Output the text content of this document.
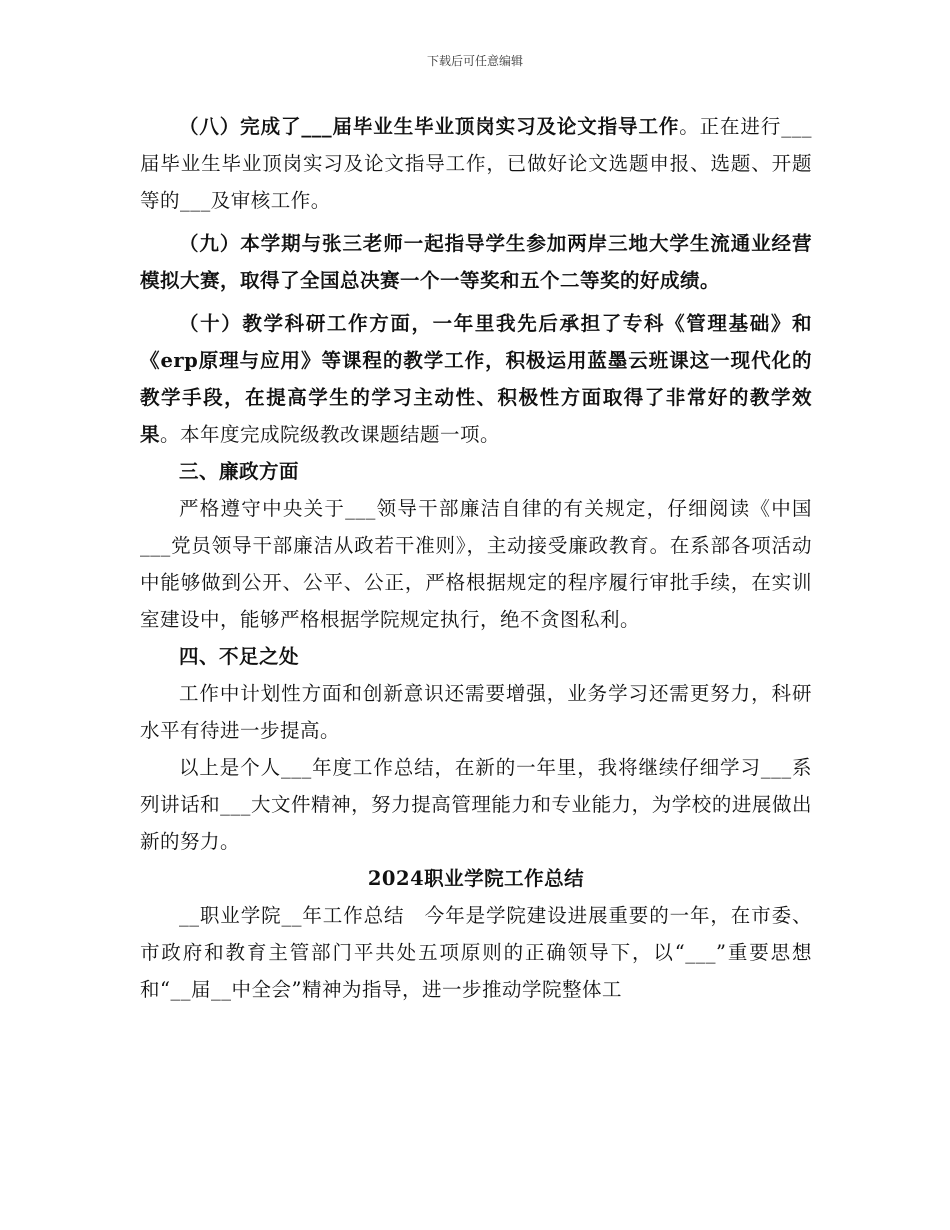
下载后可任意编辑

（八）完成了___届毕业生毕业顶岗实习及论文指导工作。正在进行___届毕业生毕业顶岗实习及论文指导工作，已做好论文选题申报、选题、开题等的___及审核工作。

（九）本学期与张三老师一起指导学生参加两岸三地大学生流通业经营模拟大赛，取得了全国总决赛一个一等奖和五个二等奖的好成绩。

（十）教学科研工作方面，一年里我先后承担了专科《管理基础》和《erp原理与应用》等课程的教学工作，积极运用蓝墨云班课这一现代化的教学手段，在提高学生的学习主动性、积极性方面取得了非常好的教学效果。本年度完成院级教改课题结题一项。

三、廉政方面

严格遵守中央关于___领导干部廉洁自律的有关规定，仔细阅读《中国___党员领导干部廉洁从政若干准则》，主动接受廉政教育。在系部各项活动中能够做到公开、公平、公正，严格根据规定的程序履行审批手续，在实训室建设中，能够严格根据学院规定执行，绝不贪图私利。

四、不足之处

工作中计划性方面和创新意识还需要增强，业务学习还需更努力，科研水平有待进一步提高。

以上是个人___年度工作总结，在新的一年里，我将继续仔细学习___系列讲话和___大文件精神，努力提高管理能力和专业能力，为学校的进展做出新的努力。

2024职业学院工作总结

__职业学院__年工作总结　今年是学院建设进展重要的一年，在市委、市政府和教育主管部门平共处五项原则的正确领导下，以“___”重要思想和“__届__中全会”精神为指导，进一步推动学院整体工
